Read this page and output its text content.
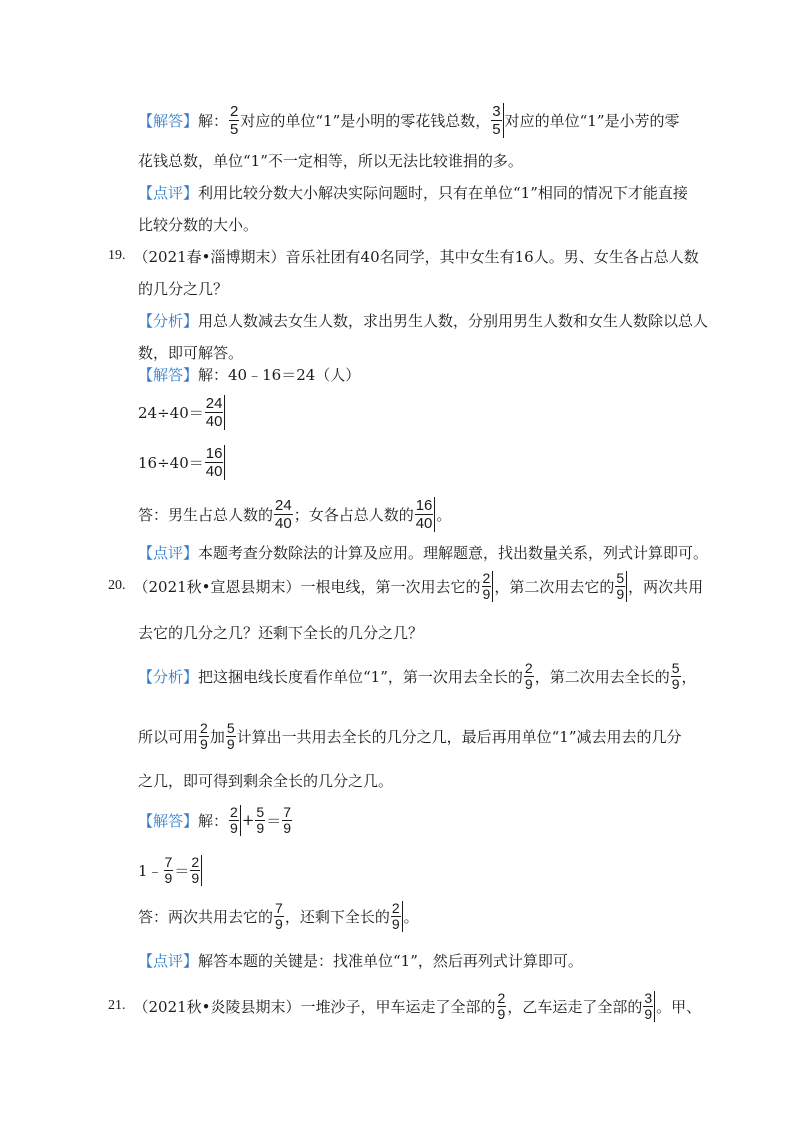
【解答】 解： $\frac{2}{5}$ 对应的单位“1”是小明的零花钱总数， $\frac{3}{5}$ 对应的单位“1”是小芳的零
花钱总数，单位“1”不一定相等，所以无法比较谁捐的多。
【点评】 利用比较分数大小解决实际问题时，只有在单位“1”相同的情况下才能直接
比较分数的大小。
19. （2021春•淄博期末）音乐社团有40名同学，其中女生有16人。男、女生各占总人数
的几分之几？
【分析】 用总人数减去女生人数，求出男生人数，分别用男生人数和女生人数除以总人
数，即可解答。
【解答】 解：40﹣16＝24（人）
$24\div 40= \frac{24}{40}$
$16\div 40= \frac{16}{40}$
答：男生占总人数的 $\frac{24}{40}$ ；女各占总人数的 $\frac{16}{40}$ 。
【点评】 本题考查分数除法的计算及应用。理解题意，找出数量关系，列式计算即可。
20. （2021秋•宣恩县期末）一根电线，第一次用去它的 $\frac{2}{9}$ ，第二次用去它的 $\frac{5}{9}$ ，两次共用
去它的几分之几？还剩下全长的几分之几？
【分析】 把这捆电线长度看作单位“1”，第一次用去全长的 $\frac{2}{9}$ ，第二次用去全长的 $\frac{5}{9}$ ，
所以可用 $\frac{2}{9}$ 加 $\frac{5}{9}$ 计算出一共用去全长的几分之几，最后再用单位“1”减去用去的几分
之几，即可得到剩余全长的几分之几。
【解答】 解： $\frac{2}{9} + \frac{5}{9} = \frac{7}{9}$
1﹣ $\frac{7}{9} = \frac{2}{9}$
答：两次共用去它的 $\frac{7}{9}$ ，还剩下全长的 $\frac{2}{9}$ 。
【点评】 解答本题的关键是：找准单位“1”，然后再列式计算即可。
21. （2021秋•炎陵县期末）一堆沙子，甲车运走了全部的 $\frac{2}{9}$ ，乙车运走了全部的 $\frac{3}{9}$ 。甲、
